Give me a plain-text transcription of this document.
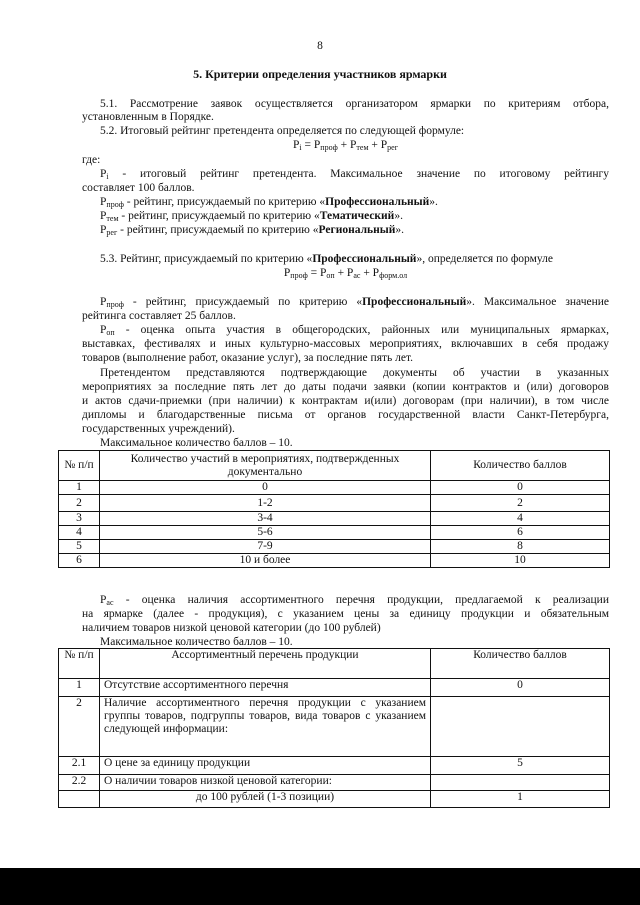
8
5. Критерии определения участников ярмарки
5.1. Рассмотрение заявок осуществляется организатором ярмарки по критериям отбора,
установленным в Порядке.
5.2. Итоговый рейтинг претендента определяется по следующей формуле:
$P_i = P_{проф} + P_{тем} + P_{рег}$
где:
$P_i$ - итоговый рейтинг претендента. Максимальное значение по итоговому рейтингу
составляет 100 баллов.
$P_{проф}$ - рейтинг, присуждаемый по критерию «Профессиональный».
$P_{тем}$ - рейтинг, присуждаемый по критерию «Тематический».
$P_{рег}$ - рейтинг, присуждаемый по критерию «Региональный».
5.3. Рейтинг, присуждаемый по критерию «Профессиональный», определяется по формуле
$P_{проф} = P_{оп} + P_{ас} + P_{форм.ол}$
$P_{проф}$ - рейтинг, присуждаемый по критерию «Профессиональный». Максимальное значение
рейтинга составляет 25 баллов.
$P_{оп}$ - оценка опыта участия в общегородских, районных или муниципальных ярмарках,
выставках, фестивалях и иных культурно-массовых мероприятиях, включавших в себя продажу
товаров (выполнение работ, оказание услуг), за последние пять лет.
Претендентом представляются подтверждающие документы об участии в указанных
мероприятиях за последние пять лет до даты подачи заявки (копии контрактов и (или) договоров
и актов сдачи-приемки (при наличии) к контрактам и(или) договорам (при наличии), в том числе
дипломы и благодарственные письма от органов государственной власти Санкт-Петербурга,
государственных учреждений).
Максимальное количество баллов – 10.
№ п/п	Количество участий в мероприятиях, подтвержденных документально	Количество баллов
1	0	0
2	1-2	2
3	3-4	4
4	5-6	6
5	7-9	8
6	10 и более	10
$P_{ас}$ - оценка наличия ассортиментного перечня продукции, предлагаемой к реализации
на ярмарке (далее - продукция), с указанием цены за единицу продукции и обязательным
наличием товаров низкой ценовой категории (до 100 рублей)
Максимальное количество баллов – 10.
№ п/п	Ассортиментный перечень продукции	Количество баллов
1	Отсутствие ассортиментного перечня	0
2	Наличие ассортиментного перечня продукции с указанием группы товаров, подгруппы товаров, вида товаров с указанием следующей информации:	
2.1	О цене за единицу продукции	5
2.2	О наличии товаров низкой ценовой категории:	
	до 100 рублей (1-3 позиции)	1
